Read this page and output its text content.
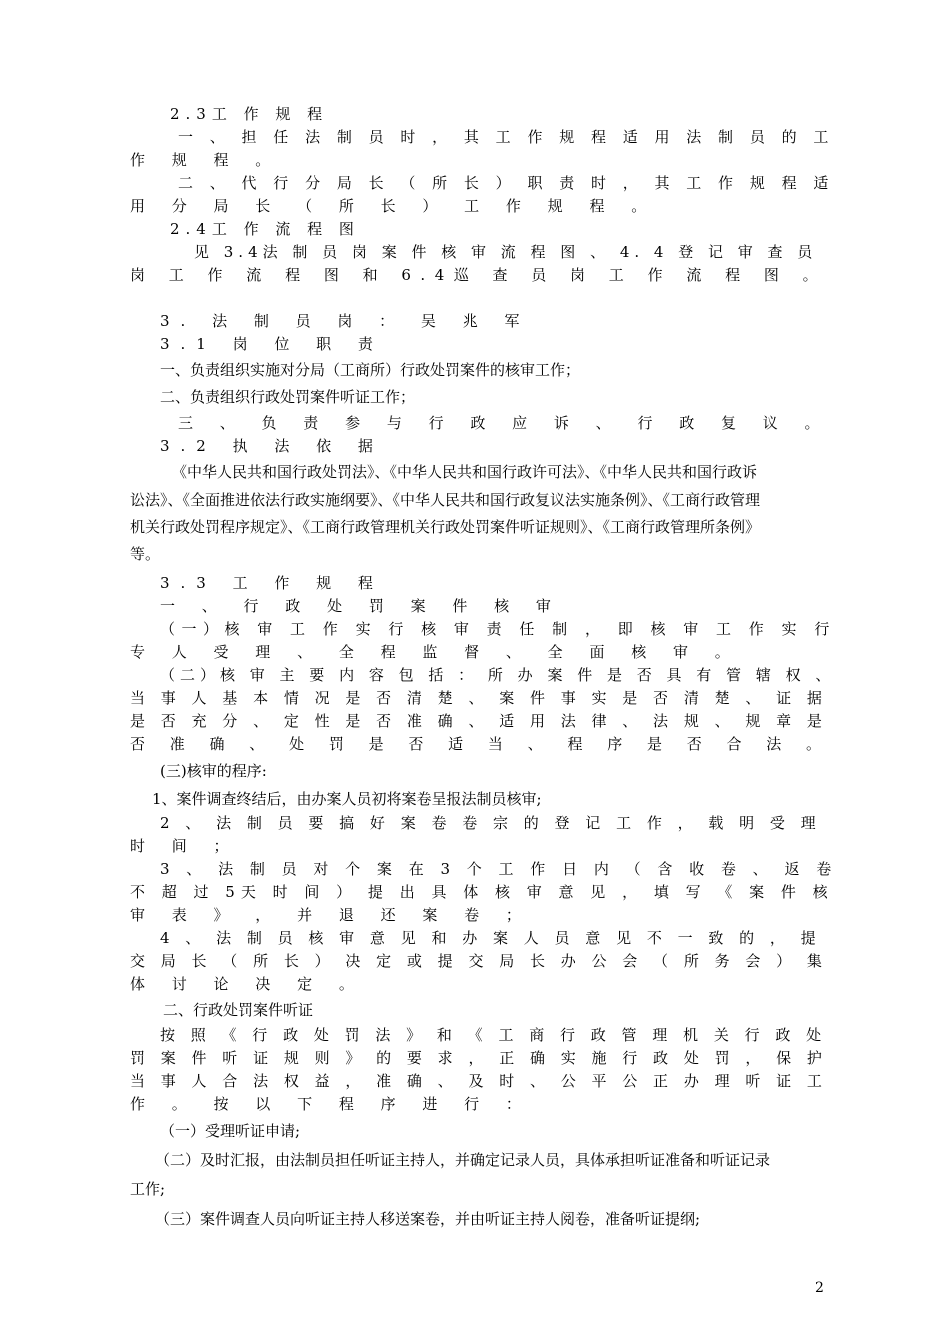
2.3工 作 规 程
一 、 担 任 法 制 员 时 ， 其 工 作 规 程 适 用 法 制 员 的 工
作 规 程 。
二 、 代 行 分 局 长 （ 所 长 ） 职 责 时 ， 其 工 作 规 程 适
用 分 局 长 （ 所 长 ） 工 作 规 程 。
2.4工 作 流 程 图
见 3.4法 制 员 岗 案 件 核 审 流 程 图 、 4. 4 登 记 审 查 员
岗 工 作 流 程 图 和 6.4巡 查 员 岗 工 作 流 程 图 。
3. 法 制 员 岗 ： 吴 兆 军
3.1 岗 位 职 责
一、负责组织实施对分局（工商所）行政处罚案件的核审工作；
二、负责组织行政处罚案件听证工作；
三 、 负 责 参 与 行 政 应 诉 、 行 政 复 议 。
3.2 执 法 依 据
《中华人民共和国行政处罚法》、《中华人民共和国行政许可法》、《中华人民共和国行政诉
讼法》、《全面推进依法行政实施纲要》、《中华人民共和国行政复议法实施条例》、《工商行政管理
机关行政处罚程序规定》、《工商行政管理机关行政处罚案件听证规则》、《工商行政管理所条例》
等。
3.3 工 作 规 程
一 、 行 政 处 罚 案 件 核 审
（一）核 审 工 作 实 行 核 审 责 任 制 ， 即 核 审 工 作 实 行
专 人 受 理 、 全 程 监 督 、 全 面 核 审 。
（二）核 审 主 要 内 容 包 括 ： 所 办 案 件 是 否 具 有 管 辖 权 、
当 事 人 基 本 情 况 是 否 清 楚 、 案 件 事 实 是 否 清 楚 、 证 据
是 否 充 分 、 定 性 是 否 准 确 、 适 用 法 律 、 法 规 、 规 章 是
否 准 确 、 处 罚 是 否 适 当 、 程 序 是 否 合 法 。
(三)核审的程序:
1、案件调查终结后，由办案人员初将案卷呈报法制员核审;
2 、 法 制 员 要 搞 好 案 卷 卷 宗 的 登 记 工 作 ， 载 明 受 理
时 间 ；
3 、 法 制 员 对 个 案 在 3 个 工 作 日 内 （ 含 收 卷 、 返 卷
不 超 过 5天 时 间 ） 提 出 具 体 核 审 意 见 ， 填 写 《 案 件 核
审 表 》 ， 并 退 还 案 卷 ；
4 、 法 制 员 核 审 意 见 和 办 案 人 员 意 见 不 一 致 的 ， 提
交 局 长 （ 所 长 ） 决 定 或 提 交 局 长 办 公 会 （ 所 务 会 ） 集
体 讨 论 决 定 。
二、行政处罚案件听证
按 照 《 行 政 处 罚 法 》 和 《 工 商 行 政 管 理 机 关 行 政 处
罚 案 件 听 证 规 则 》 的 要 求 ， 正 确 实 施 行 政 处 罚 ， 保 护
当 事 人 合 法 权 益 ， 准 确 、 及 时 、 公 平 公 正 办 理 听 证 工
作 。 按 以 下 程 序 进 行 ：
（一）受理听证申请;
（二）及时汇报，由法制员担任听证主持人，并确定记录人员，具体承担听证准备和听证记录
工作;
（三）案件调查人员向听证主持人移送案卷，并由听证主持人阅卷，准备听证提纲;
2
